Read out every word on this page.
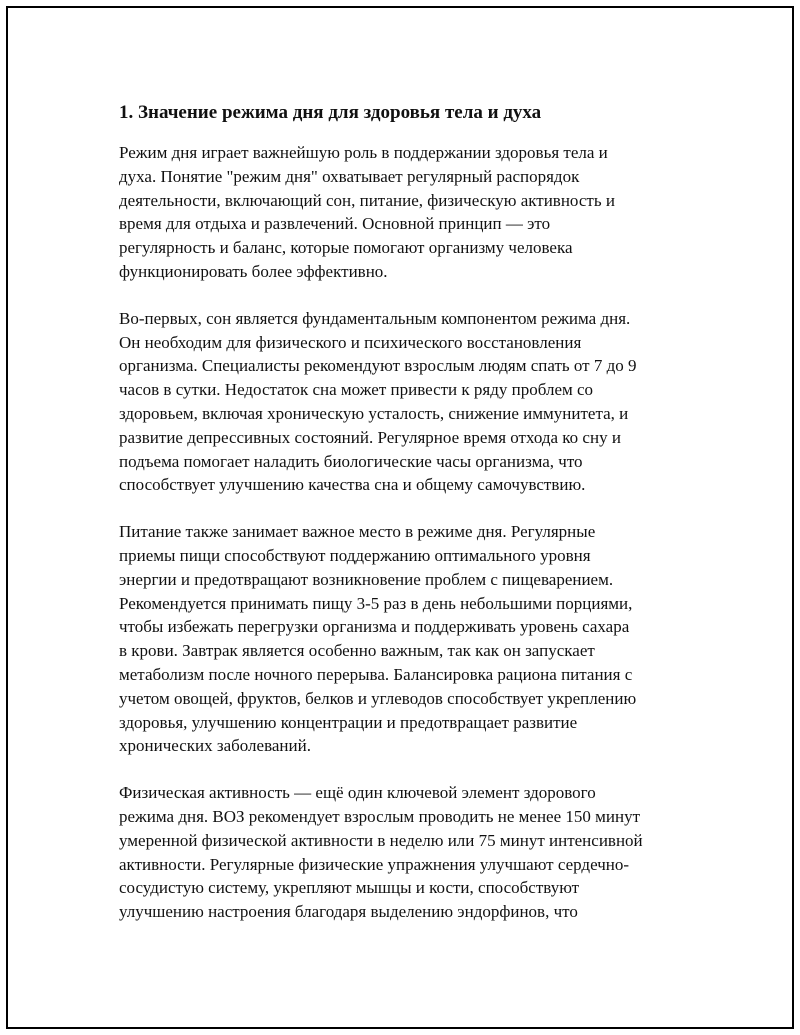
1. Значение режима дня для здоровья тела и духа
Режим дня играет важнейшую роль в поддержании здоровья тела и
духа. Понятие "режим дня" охватывает регулярный распорядок
деятельности, включающий сон, питание, физическую активность и
время для отдыха и развлечений. Основной принцип — это
регулярность и баланс, которые помогают организму человека
функционировать более эффективно.
Во-первых, сон является фундаментальным компонентом режима дня.
Он необходим для физического и психического восстановления
организма. Специалисты рекомендуют взрослым людям спать от 7 до 9
часов в сутки. Недостаток сна может привести к ряду проблем со
здоровьем, включая хроническую усталость, снижение иммунитета, и
развитие депрессивных состояний. Регулярное время отхода ко сну и
подъема помогает наладить биологические часы организма, что
способствует улучшению качества сна и общему самочувствию.
Питание также занимает важное место в режиме дня. Регулярные
приемы пищи способствуют поддержанию оптимального уровня
энергии и предотвращают возникновение проблем с пищеварением.
Рекомендуется принимать пищу 3-5 раз в день небольшими порциями,
чтобы избежать перегрузки организма и поддерживать уровень сахара
в крови. Завтрак является особенно важным, так как он запускает
метаболизм после ночного перерыва. Балансировка рациона питания с
учетом овощей, фруктов, белков и углеводов способствует укреплению
здоровья, улучшению концентрации и предотвращает развитие
хронических заболеваний.
Физическая активность — ещё один ключевой элемент здорового
режима дня. ВОЗ рекомендует взрослым проводить не менее 150 минут
умеренной физической активности в неделю или 75 минут интенсивной
активности. Регулярные физические упражнения улучшают сердечно-
сосудистую систему, укрепляют мышцы и кости, способствуют
улучшению настроения благодаря выделению эндорфинов, что
